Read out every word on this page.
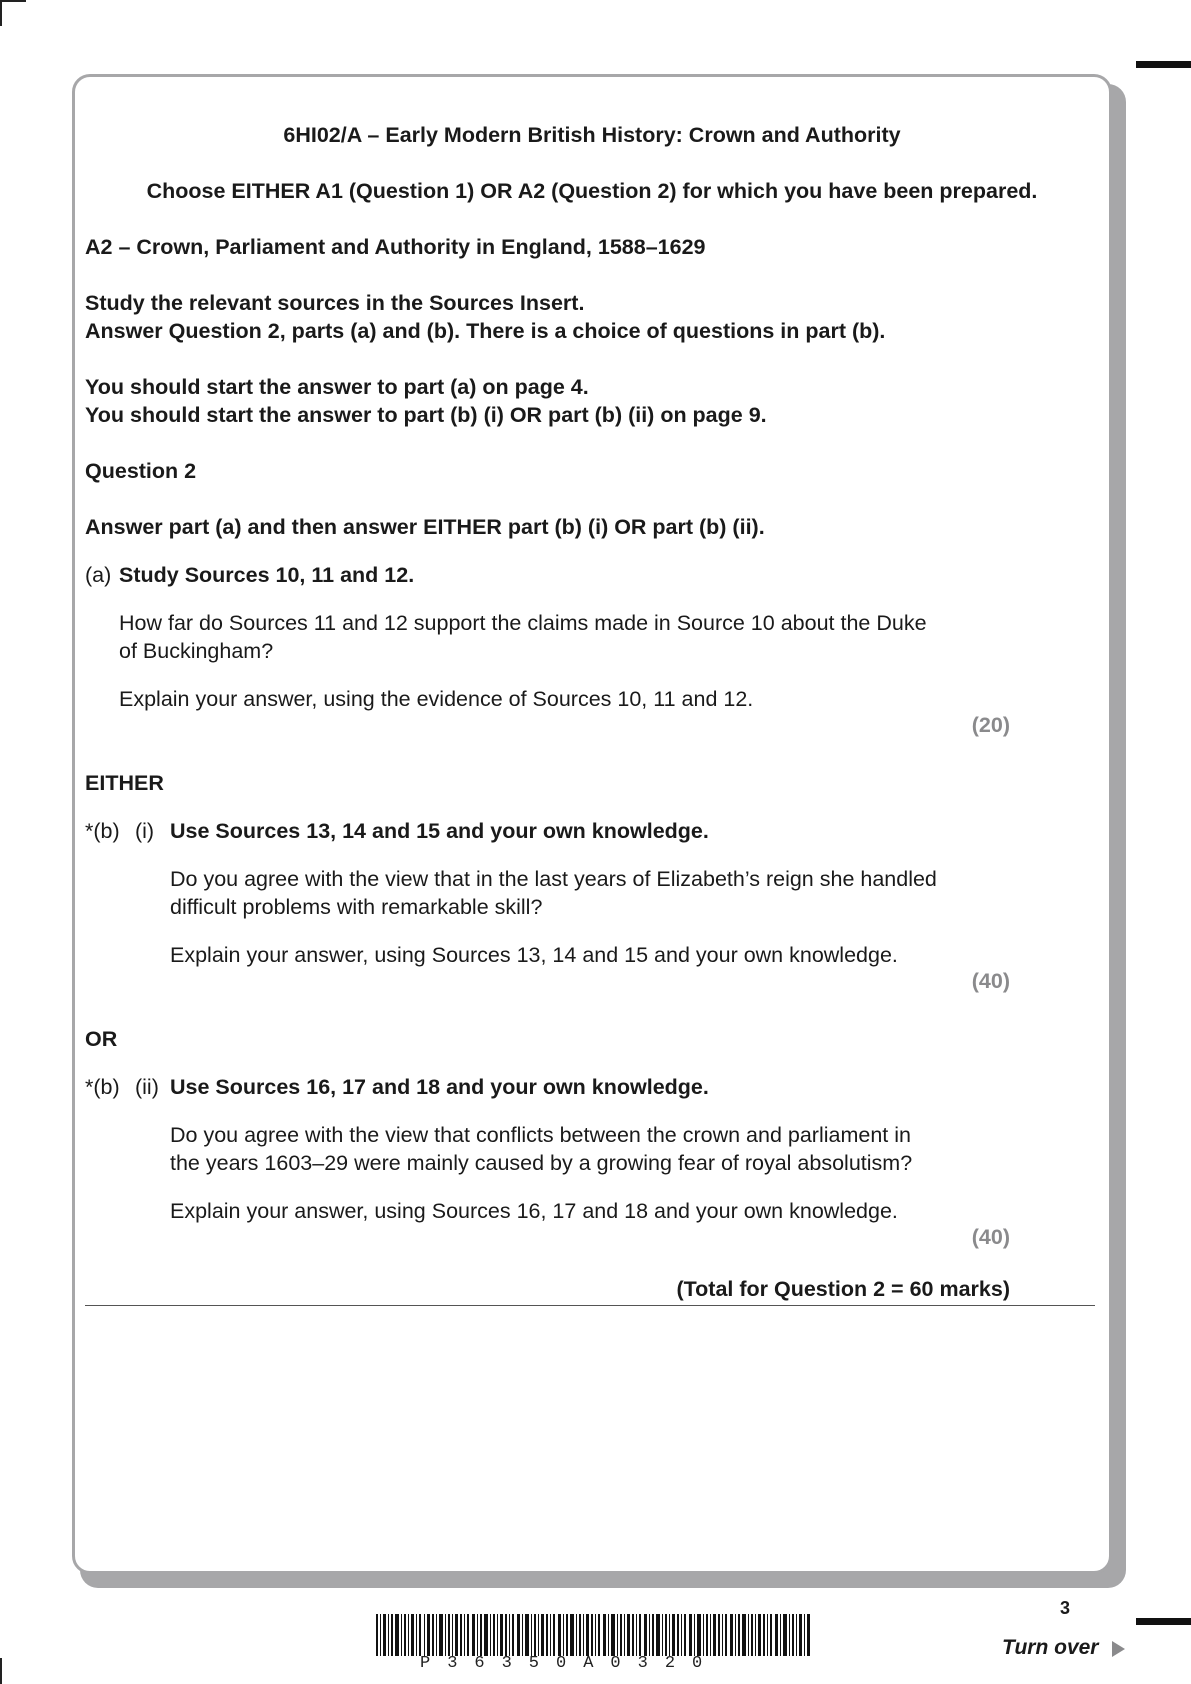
6HI02/A – Early Modern British History: Crown and Authority
Choose EITHER A1 (Question 1) OR A2 (Question 2) for which you have been prepared.
A2 – Crown, Parliament and Authority in England, 1588–1629
Study the relevant sources in the Sources Insert.
Answer Question 2, parts (a) and (b). There is a choice of questions in part (b).
You should start the answer to part (a) on page 4.
You should start the answer to part (b) (i) OR part (b) (ii) on page 9.
Question 2
Answer part (a) and then answer EITHER part (b) (i) OR part (b) (ii).
(a) Study Sources 10, 11 and 12.
How far do Sources 11 and 12 support the claims made in Source 10 about the Duke
of Buckingham?
Explain your answer, using the evidence of Sources 10, 11 and 12.
(20)
EITHER
*(b) (i) Use Sources 13, 14 and 15 and your own knowledge.
Do you agree with the view that in the last years of Elizabeth’s reign she handled
difficult problems with remarkable skill?
Explain your answer, using Sources 13, 14 and 15 and your own knowledge.
(40)
OR
*(b) (ii) Use Sources 16, 17 and 18 and your own knowledge.
Do you agree with the view that conflicts between the crown and parliament in
the years 1603–29 were mainly caused by a growing fear of royal absolutism?
Explain your answer, using Sources 16, 17 and 18 and your own knowledge.
(40)
(Total for Question 2 = 60 marks)
P36350A0320
3
Turn over
